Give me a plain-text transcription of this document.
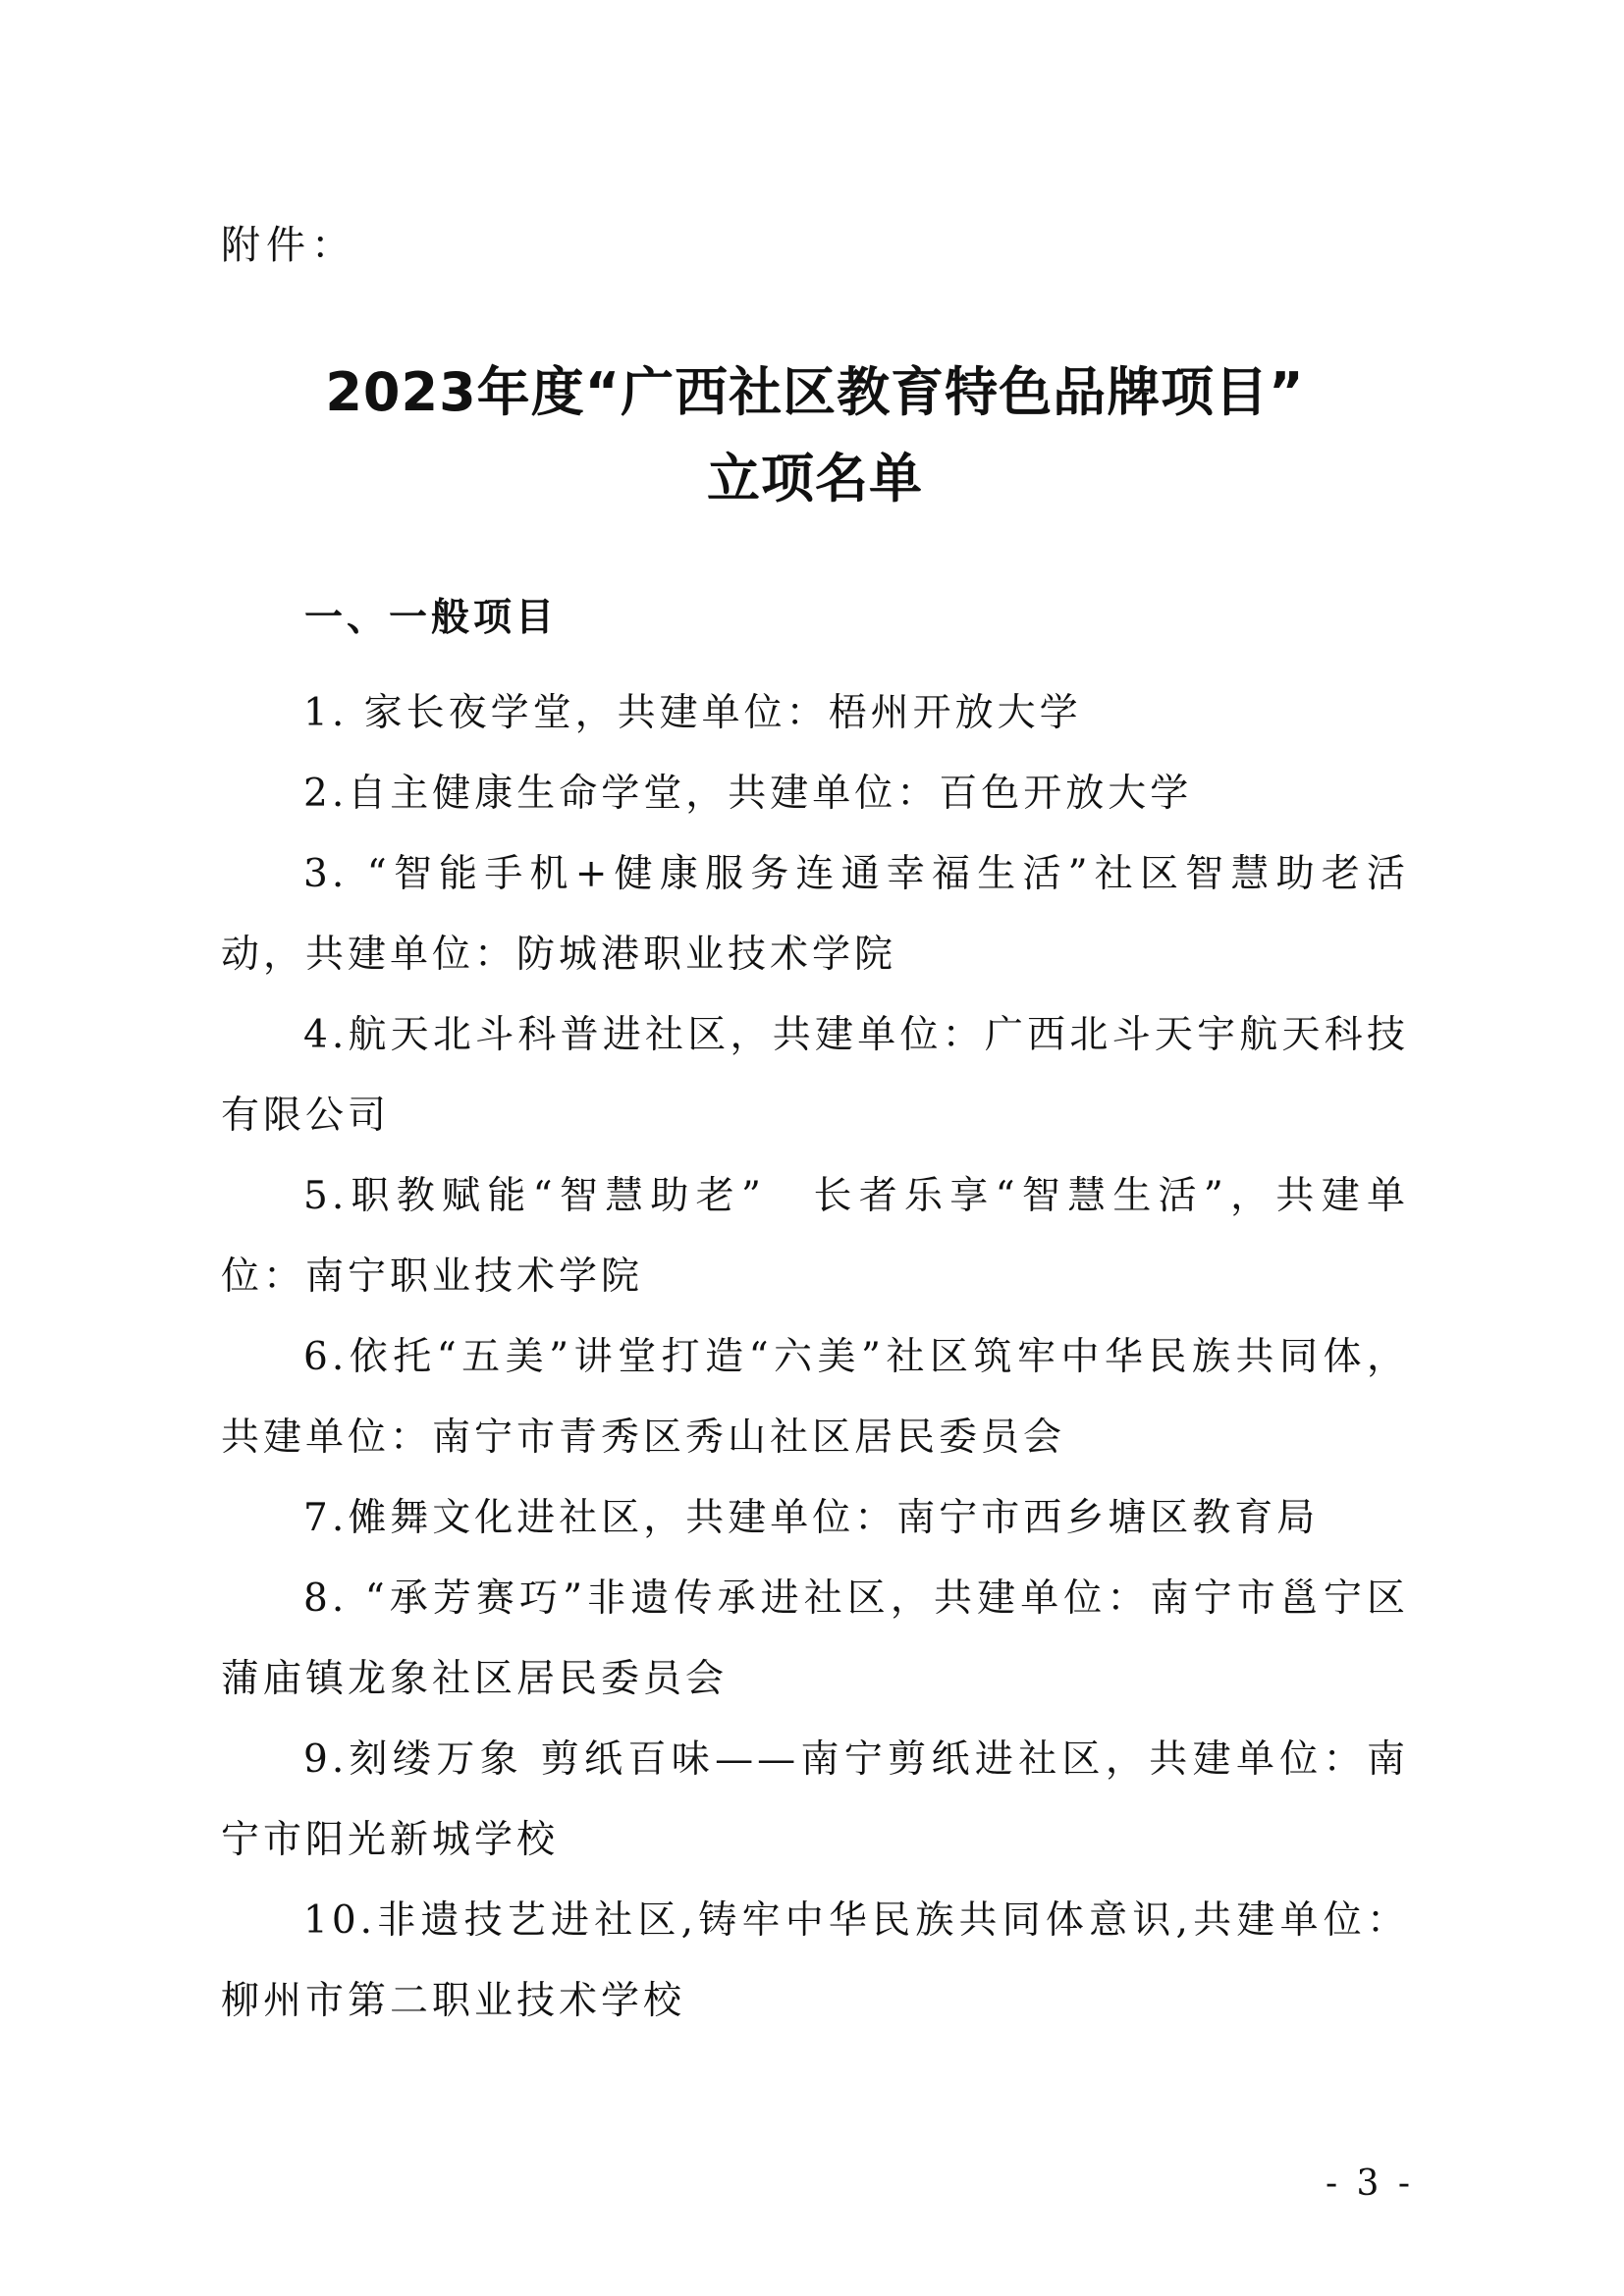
附件：
2023年度“广西社区教育特色品牌项目”
立项名单
一、一般项目
1. 家长夜学堂，共建单位：梧州开放大学
2.自主健康生命学堂，共建单位：百色开放大学
3. “智能手机+健康服务连通幸福生活”社区智慧助老活动，共建单位：防城港职业技术学院
4.航天北斗科普进社区，共建单位：广西北斗天宇航天科技有限公司
5.职教赋能“智慧助老”　长者乐享“智慧生活”，共建单位：南宁职业技术学院
6.依托“五美”讲堂打造“六美”社区筑牢中华民族共同体，共建单位：南宁市青秀区秀山社区居民委员会
7.傩舞文化进社区，共建单位：南宁市西乡塘区教育局
8. “承芳赛巧”非遗传承进社区，共建单位：南宁市邕宁区蒲庙镇龙象社区居民委员会
9.刻缕万象 剪纸百味——南宁剪纸进社区，共建单位：南宁市阳光新城学校
10.非遗技艺进社区,铸牢中华民族共同体意识,共建单位：柳州市第二职业技术学校
- 3 -
